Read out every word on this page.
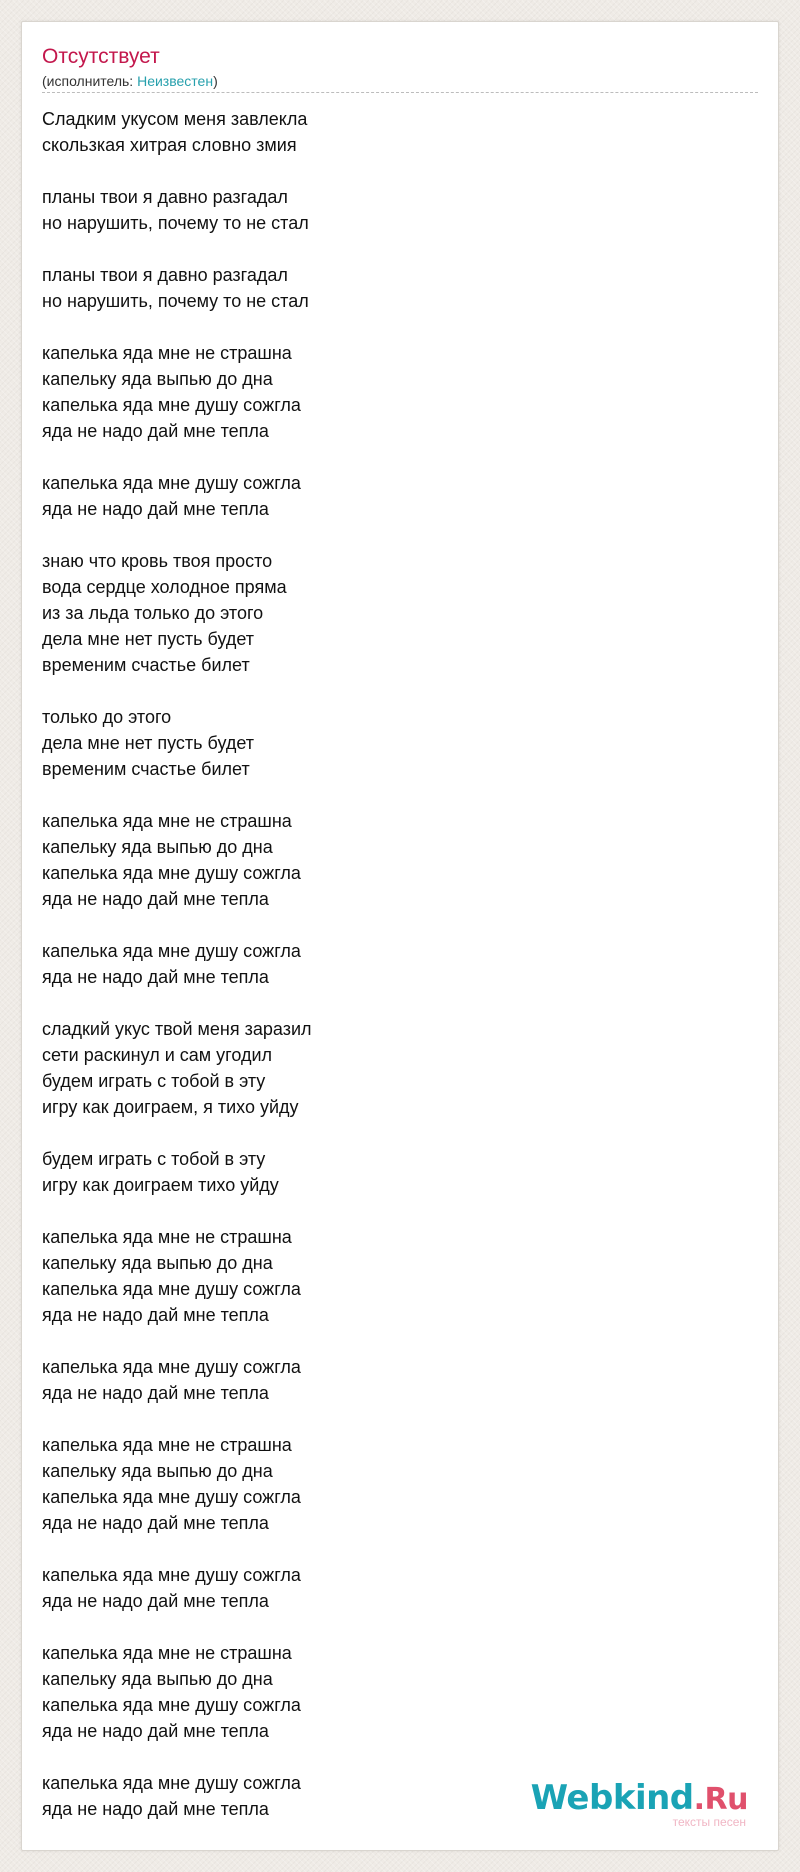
Отсутствует
(исполнитель: Неизвестен)
Сладким укусом меня завлекла
скользкая хитрая словно змия
планы твои я давно разгадал
но нарушить, почему то не стал
планы твои я давно разгадал
но нарушить, почему то не стал
капелька яда мне не страшна
капельку яда выпью до дна
капелька яда мне душу сожгла
яда не надо дай мне тепла
капелька яда мне душу сожгла
яда не надо дай мне тепла
знаю что кровь твоя просто
вода сердце холодное пряма
из за льда только до этого
дела мне нет пусть будет
временим счастье билет
только до этого
дела мне нет пусть будет
временим счастье билет
капелька яда мне не страшна
капельку яда выпью до дна
капелька яда мне душу сожгла
яда не надо дай мне тепла
капелька яда мне душу сожгла
яда не надо дай мне тепла
сладкий укус твой меня заразил
сети раскинул и сам угодил
будем играть с тобой в эту
игру как доиграем, я тихо уйду
будем играть с тобой в эту
игру как доиграем тихо уйду
капелька яда мне не страшна
капельку яда выпью до дна
капелька яда мне душу сожгла
яда не надо дай мне тепла
капелька яда мне душу сожгла
яда не надо дай мне тепла
капелька яда мне не страшна
капельку яда выпью до дна
капелька яда мне душу сожгла
яда не надо дай мне тепла
капелька яда мне душу сожгла
яда не надо дай мне тепла
капелька яда мне не страшна
капельку яда выпью до дна
капелька яда мне душу сожгла
яда не надо дай мне тепла
капелька яда мне душу сожгла
яда не надо дай мне тепла	Webkind.Ru
тексты песен
